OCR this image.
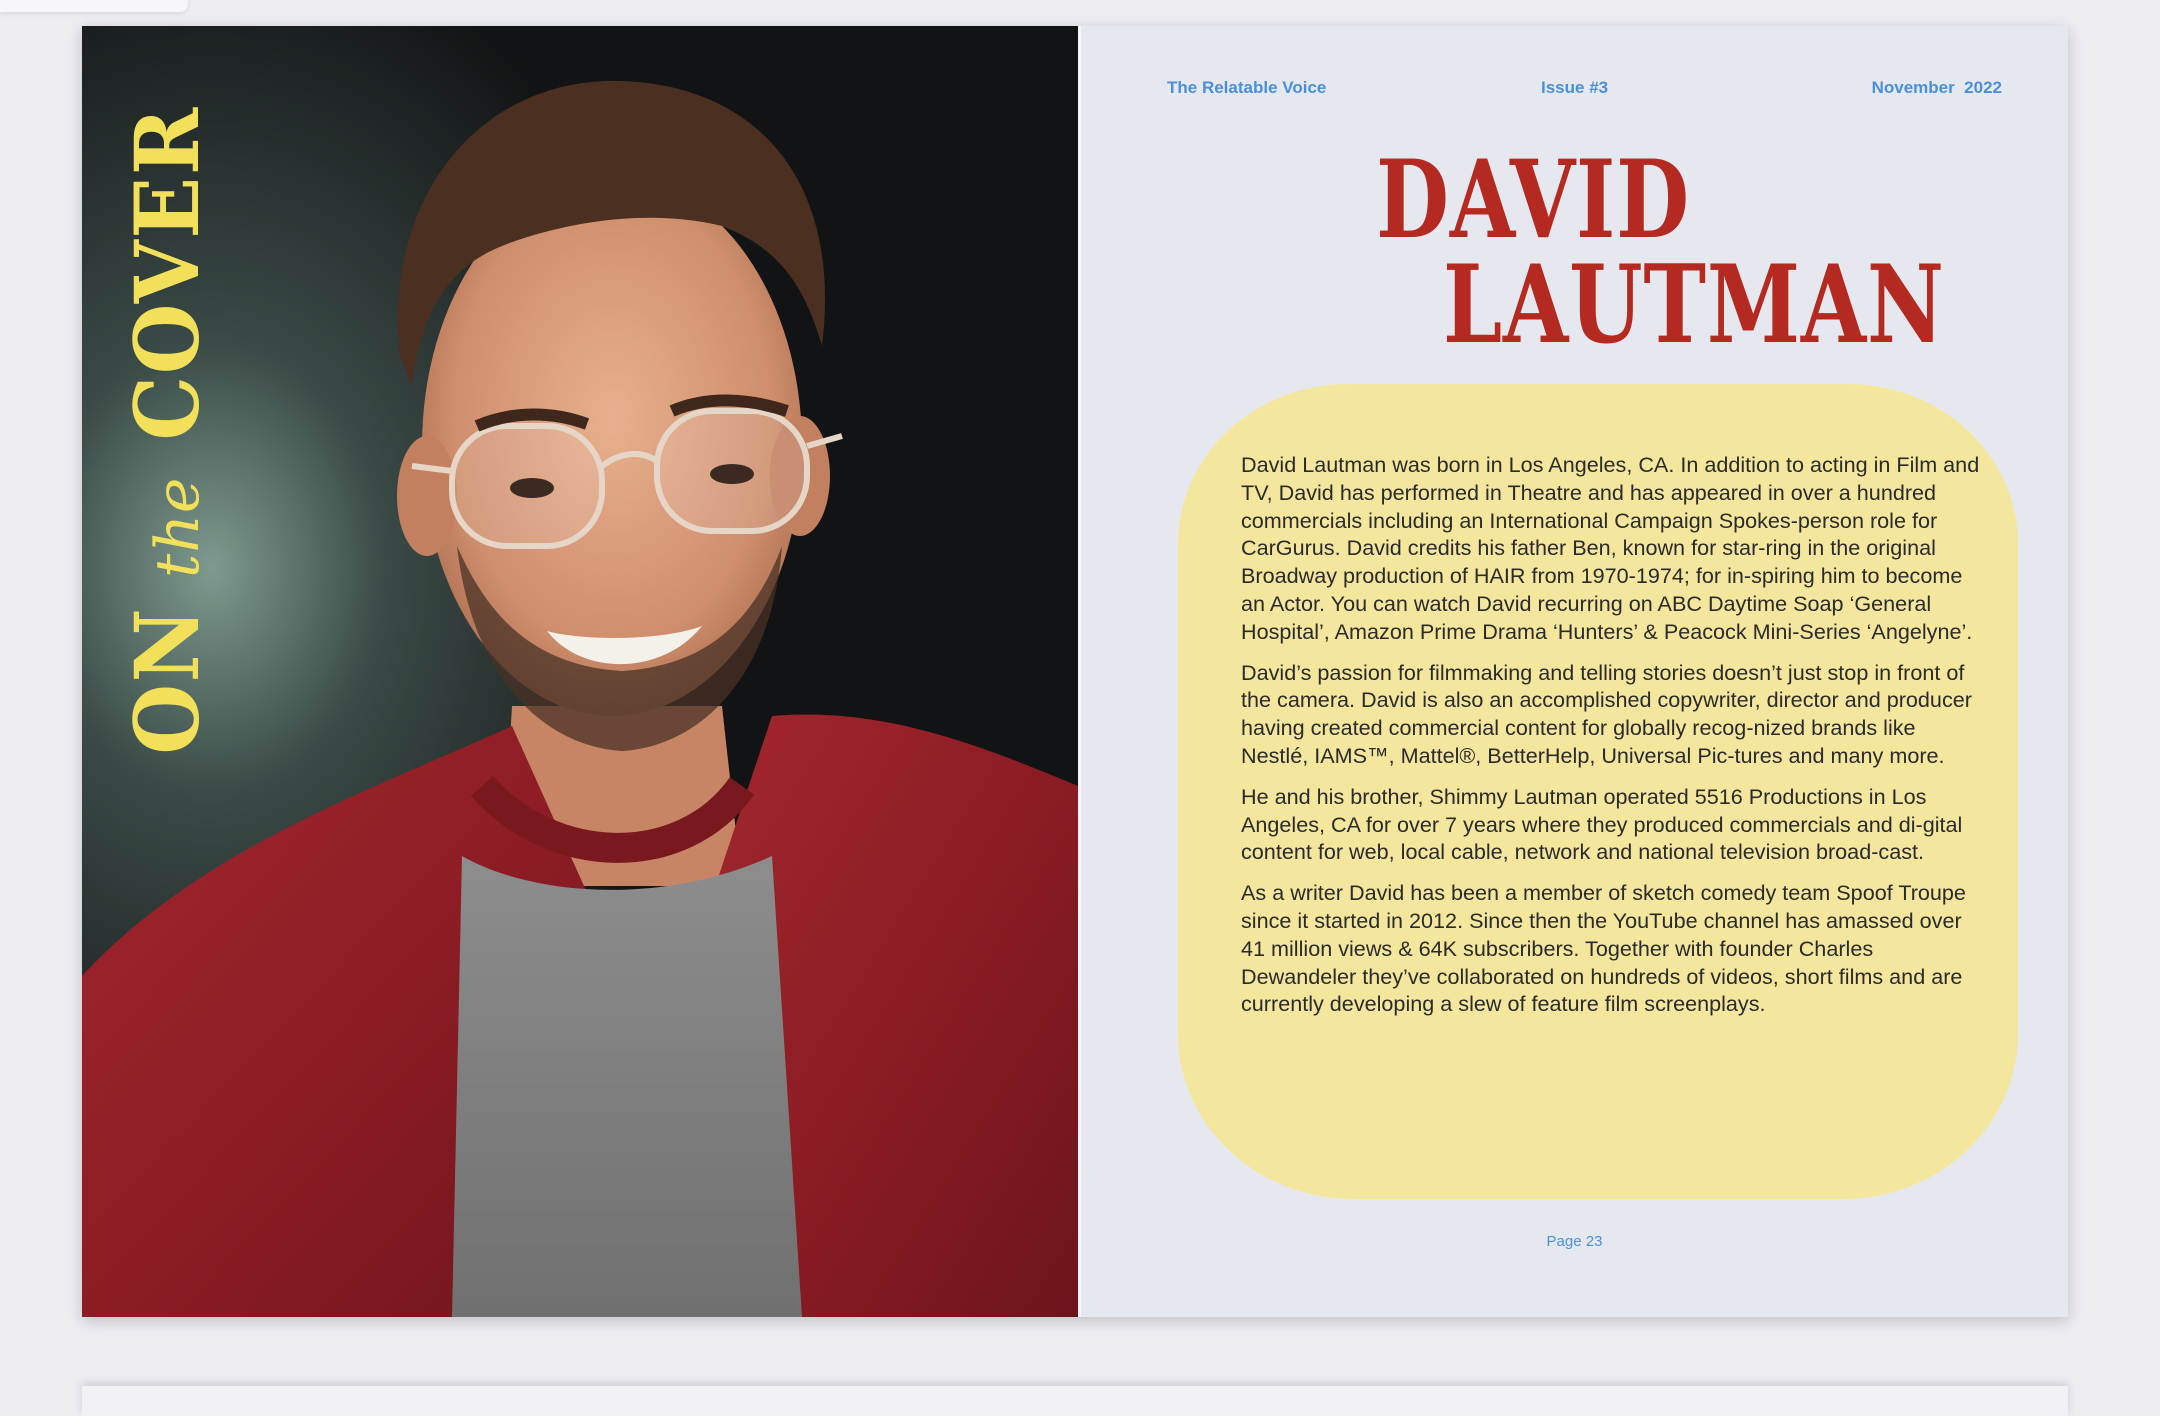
ONtheCOVER
The Relatable Voice	Issue #3	November  2022
DAVID
LAUTMAN

David Lautman was born in Los Angeles, CA. In addition to acting in Film and TV, David has performed in Theatre and has appeared in over a hundred commercials including an International Campaign Spokes-person role for CarGurus. David credits his father Ben, known for star-ring in the original Broadway production of HAIR from 1970-1974; for in-spiring him to become an Actor. You can watch David recurring on ABC Daytime Soap ‘General Hospital’, Amazon Prime Drama ‘Hunters’ & Peacock Mini-Series ‘Angelyne’.

David’s passion for filmmaking and telling stories doesn’t just stop in front of the camera. David is also an accomplished copywriter, director and producer having created commercial content for globally recog-nized brands like Nestlé, IAMS™, Mattel®, BetterHelp, Universal Pic-tures and many more.

He and his brother, Shimmy Lautman operated 5516 Productions in Los Angeles, CA for over 7 years where they produced commercials and di-gital content for web, local cable, network and national television broad-cast.

As a writer David has been a member of sketch comedy team Spoof Troupe since it started in 2012. Since then the YouTube channel has amassed over 41 million views & 64K subscribers. Together with founder Charles Dewandeler they’ve collaborated on hundreds of videos, short films and are currently developing a slew of feature film screenplays.

Page 23
